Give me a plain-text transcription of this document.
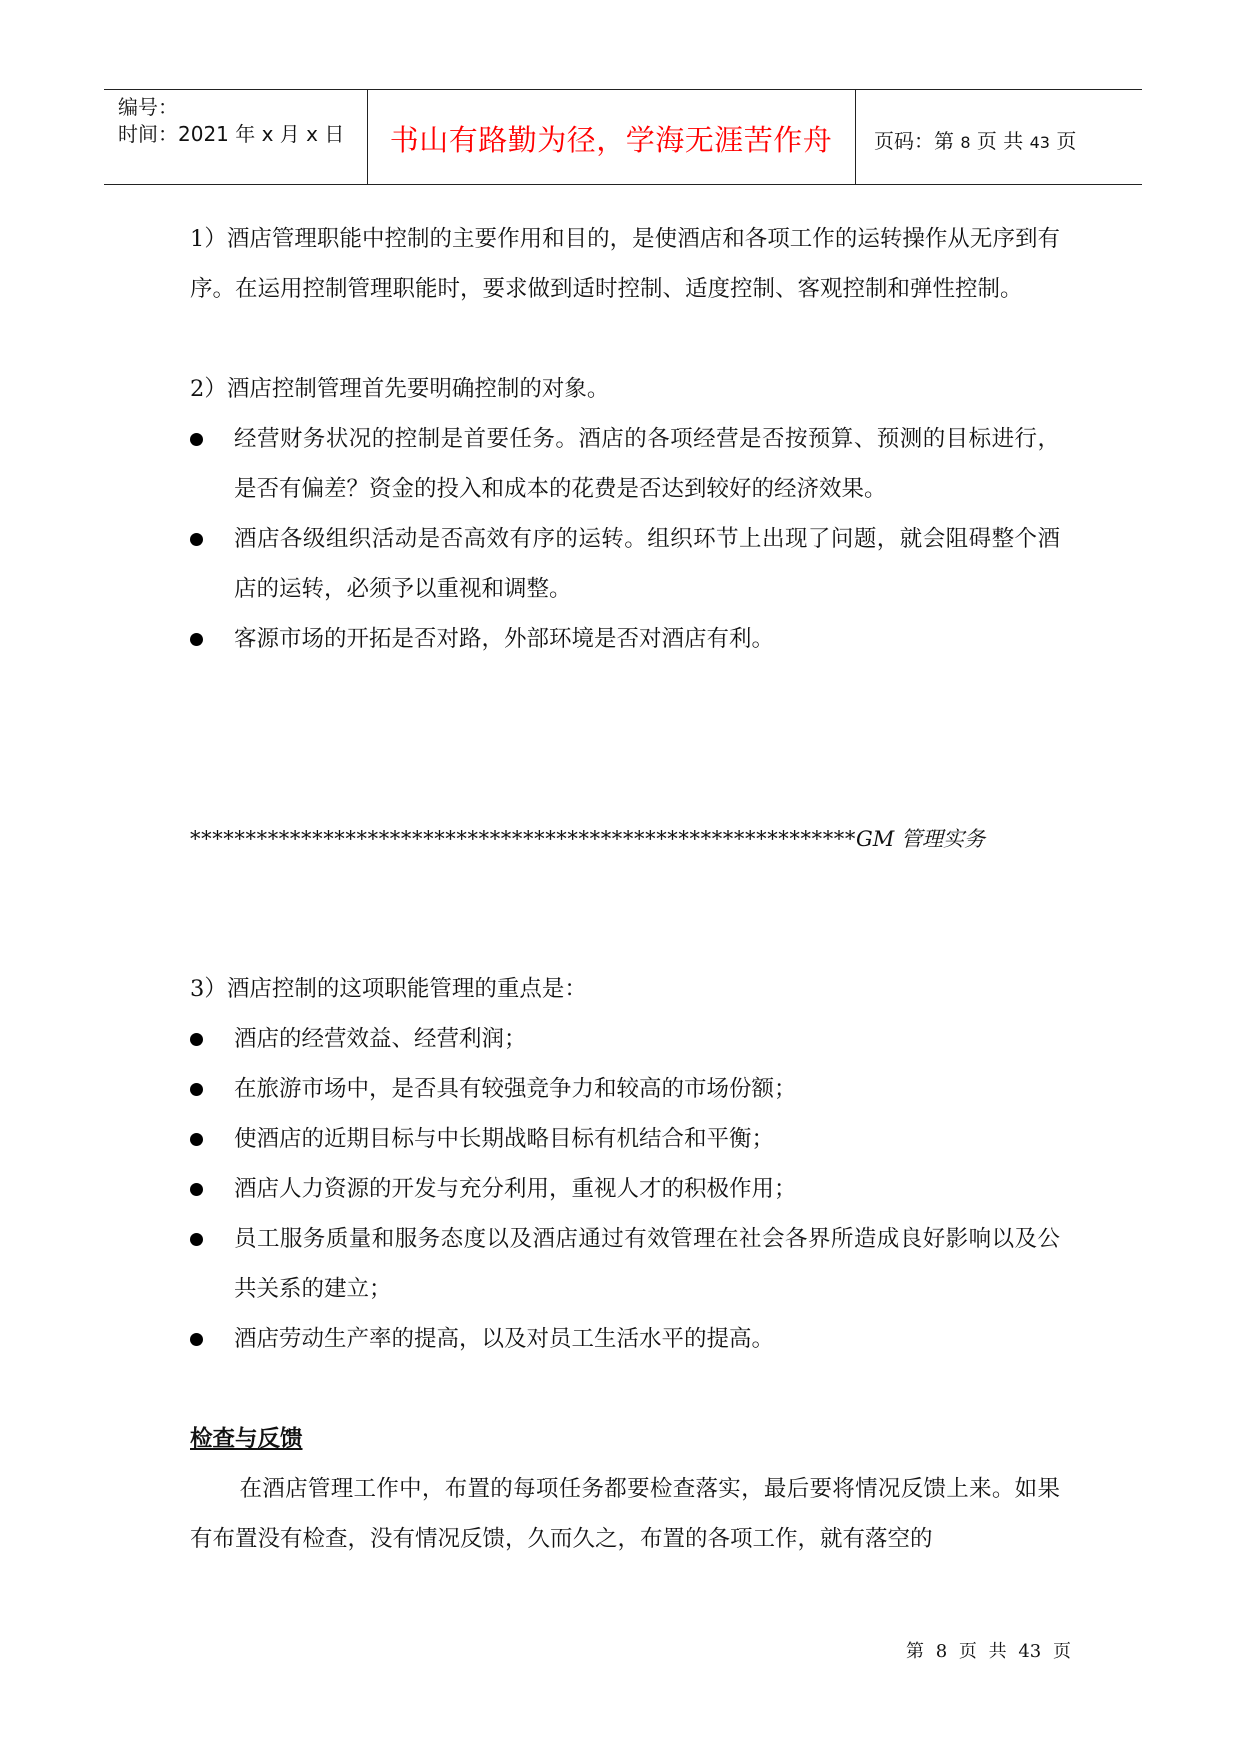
编号：
时间：2021 年 x 月 x 日	书山有路勤为径，学海无涯苦作舟	页码：第 8 页 共 43 页

1）酒店管理职能中控制的主要作用和目的，是使酒店和各项工作的运转操作从无序到有序。在运用控制管理职能时，要求做到适时控制、适度控制、客观控制和弹性控制。

2）酒店控制管理首先要明确控制的对象。

经营财务状况的控制是首要任务。酒店的各项经营是否按预算、预测的目标进行，是否有偏差？资金的投入和成本的花费是否达到较好的经济效果。
酒店各级组织活动是否高效有序的运转。组织环节上出现了问题，就会阻碍整个酒店的运转，必须予以重视和调整。
客源市场的开拓是否对路，外部环境是否对酒店有利。

************************************************************GM 管理实务

3）酒店控制的这项职能管理的重点是：

酒店的经营效益、经营利润；
在旅游市场中，是否具有较强竞争力和较高的市场份额；
使酒店的近期目标与中长期战略目标有机结合和平衡；
酒店人力资源的开发与充分利用，重视人才的积极作用；
员工服务质量和服务态度以及酒店通过有效管理在社会各界所造成良好影响以及公共关系的建立；
酒店劳动生产率的提高，以及对员工生活水平的提高。

检查与反馈

在酒店管理工作中，布置的每项任务都要检查落实，最后要将情况反馈上来。如果有布置没有检查，没有情况反馈，久而久之，布置的各项工作，就有落空的

第 8 页 共 43 页
